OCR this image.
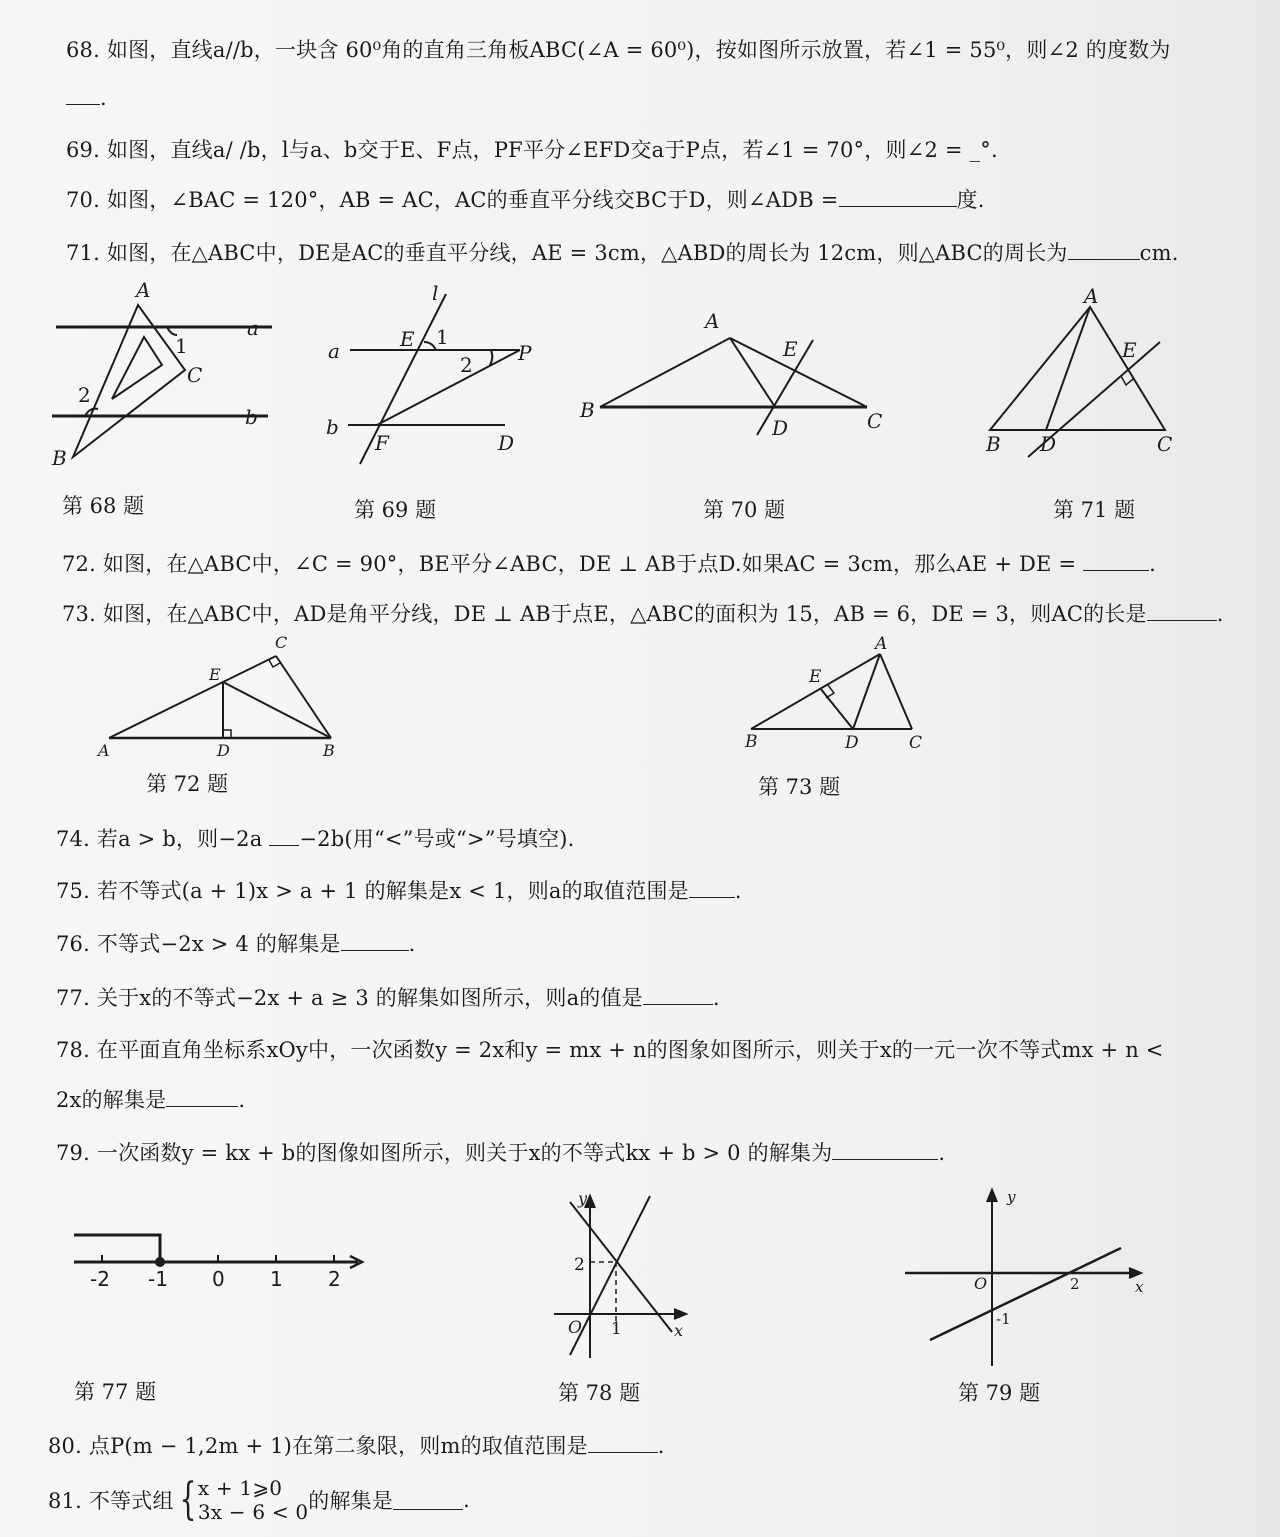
68. 如图，直线a//b，一块含 60⁰角的直角三角板ABC(∠A = 60⁰)，按如图所示放置，若∠1 = 55⁰，则∠2 的度数为
.
69. 如图，直线a/ /b，l与a、b交于E、F点，PF平分∠EFD交a于P点，若∠1 = 70°，则∠2 = _°.
70. 如图，∠BAC = 120°，AB = AC，AC的垂直平分线交BC于D，则∠ADB =	度.
71. 如图，在△ABC中，DE是AC的垂直平分线，AE = 3cm，△ABD的周长为 12cm，则△ABC的周长为	cm.
A
B
C
a
b
1
2
第 68 题
l
a
b
E
F
P
D
1
2
第 69 题
A
B	C
D
E
第 70 题
A
B	C
D
E
第 71 题
72. 如图，在△ABC中，∠C = 90°，BE平分∠ABC，DE ⊥ AB于点D.如果AC = 3cm，那么AE + DE =	.
73. 如图，在△ABC中，AD是角平分线，DE ⊥ AB于点E，△ABC的面积为 15，AB = 6，DE = 3，则AC的长是	.
A	B
C
D
E
第 72 题
B	D	C
A
E
第 73 题
74. 若a > b，则−2a −2b(用“<”号或“>”号填空).
75. 若不等式(a + 1)x > a + 1 的解集是x < 1，则a的取值范围是 .
76. 不等式−2x > 4 的解集是	.
77. 关于x的不等式−2x + a ≥ 3 的解集如图所示，则a的值是	.
78. 在平面直角坐标系xOy中，一次函数y = 2x和y = mx + n的图象如图所示，则关于x的一元一次不等式mx + n <
2x的解集是	.
79. 一次函数y = kx + b的图像如图所示，则关于x的不等式kx + b > 0 的解集为	.
-2 -1 0 1 2
第 77 题
y
x
O
2
1
第 78 题
y
x
O	2
-1
第 79 题
80. 点P(m − 1,2m + 1)在第二象限，则m的取值范围是	.
81. 不等式组 {x + 1⩾0
3x − 6 < 0的解集是	.
